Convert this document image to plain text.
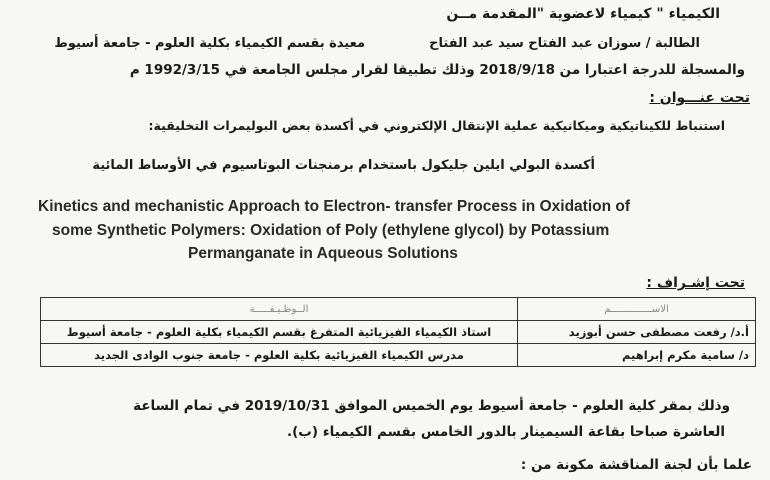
الكيمياء " كيمياء لاعضوية "المقدمة مــن
الطالبة / سوزان عبد الفتاح سيد عبد الفتاح
معيدة بقسم الكيمياء بكلية العلوم - جامعة أسيوط
والمسجلة للدرجة اعتبارا من 2018/9/18 وذلك تطبيقا لقرار مجلس الجامعة في 1992/3/15 م
تحت عنـــوان :
استنباط للكيناتيكية وميكانيكية عملية الإنتقال الإلكتروني في أكسدة بعض البوليمرات التخليقية:
أكسدة البولي ايلين جليكول باستخدام برمنجنات البوتاسيوم في الأوساط المائية
Kinetics and mechanistic Approach to Electron- transfer Process in Oxidation of
some Synthetic Polymers: Oxidation of Poly (ethylene glycol) by Potassium
Permanganate in Aqueous Solutions
تحت إشـراف :
الاســــــــــــــم	الــوظـيـفـــــة
أ.د/ رفعت مصطفى حسن أبوزيد	استاذ الكيمياء الفيزيائية المتفرغ بقسم الكيمياء بكلية العلوم - جامعة أسيوط
د/ سامية مكرم إبراهيم	مدرس الكيمياء الفيزيائية بكلية العلوم - جامعة جنوب الوادى الجديد
وذلك بمقر كلية العلوم - جامعة أسيوط يوم الخميس الموافق 2019/10/31 في تمام الساعة
العاشرة صباحا بقاعة السيمينار بالدور الخامس بقسم الكيمياء (ب).
علما بأن لجنة المناقشة مكونة من :
